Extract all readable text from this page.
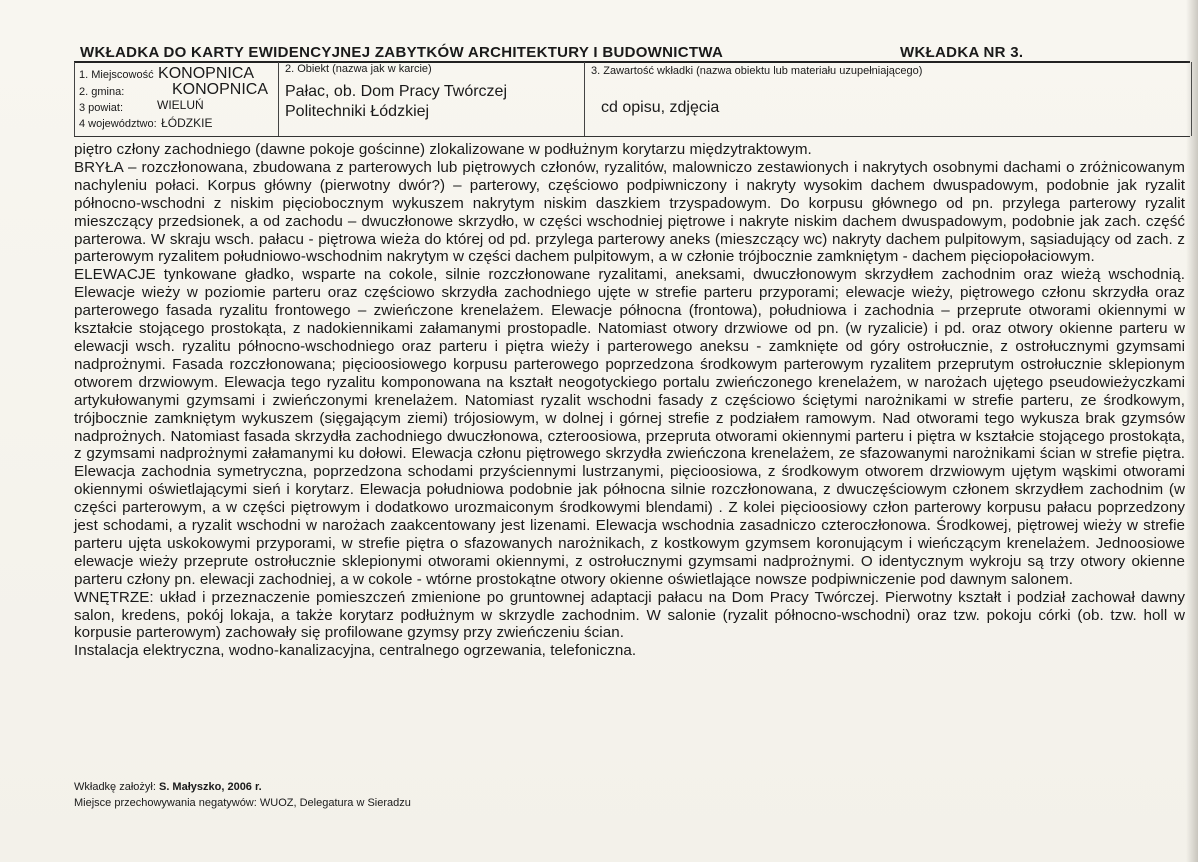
WKŁADKA DO KARTY EWIDENCYJNEJ ZABYTKÓW ARCHITEKTURY I BUDOWNICTWA	WKŁADKA NR 3.
1. Miejscowość KONOPNICA
2. gmina:	KONOPNICA
3 powiat:	WIELUŃ
4 województwo: ŁÓDZKIE
2. Obiekt (nazwa jak w karcie)
Pałac, ob. Dom Pracy Twórczej
Politechniki Łódzkiej
3. Zawartość wkładki (nazwa obiektu lub materiału uzupełniającego)
cd opisu, zdjęcia

piętro człony zachodniego (dawne pokoje gościnne) zlokalizowane w podłużnym korytarzu międzytraktowym.

BRYŁA – rozczłonowana, zbudowana z parterowych lub piętrowych członów, ryzalitów, malowniczo zestawionych i nakrytych osobnymi dachami o zróżnicowanym nachyleniu połaci. Korpus główny (pierwotny dwór?) – parterowy, częściowo podpiwniczony i nakryty wysokim dachem dwuspadowym, podobnie jak ryzalit północno-wschodni z niskim pięciobocznym wykuszem nakrytym niskim daszkiem trzyspadowym. Do korpusu głównego od pn. przylega parterowy ryzalit mieszczący przedsionek, a od zachodu – dwuczłonowe skrzydło, w części wschodniej piętrowe i nakryte niskim dachem dwuspadowym, podobnie jak zach. część parterowa. W skraju wsch. pałacu - piętrowa wieża do której od pd. przylega parterowy aneks (mieszczący wc) nakryty dachem pulpitowym, sąsiadujący od zach. z parterowym ryzalitem południowo-wschodnim nakrytym w części dachem pulpitowym, a w członie trójbocznie zamkniętym - dachem pięciopołaciowym.

ELEWACJE tynkowane gładko, wsparte na cokole, silnie rozczłonowane ryzalitami, aneksami, dwuczłonowym skrzydłem zachodnim oraz wieżą wschodnią. Elewacje wieży w poziomie parteru oraz częściowo skrzydła zachodniego ujęte w strefie parteru przyporami; elewacje wieży, piętrowego członu skrzydła oraz parterowego fasada ryzalitu frontowego – zwieńczone krenelażem. Elewacje północna (frontowa), południowa i zachodnia – przeprute otworami okiennymi w kształcie stojącego prostokąta, z nadokiennikami załamanymi prostopadle. Natomiast otwory drzwiowe od pn. (w ryzalicie) i pd. oraz otwory okienne parteru w elewacji wsch. ryzalitu północno-wschodniego oraz parteru i piętra wieży i parterowego aneksu - zamknięte od góry ostrołucznie, z ostrołucznymi gzymsami nadprożnymi. Fasada rozczłonowana; pięcioosiowego korpusu parterowego poprzedzona środkowym parterowym ryzalitem przeprutym ostrołucznie sklepionym otworem drzwiowym. Elewacja tego ryzalitu komponowana na kształt neogotyckiego portalu zwieńczonego krenelażem, w narożach ujętego pseudowieżyczkami artykułowanymi gzymsami i zwieńczonymi krenelażem. Natomiast ryzalit wschodni fasady z częściowo ściętymi narożnikami w strefie parteru, ze środkowym, trójbocznie zamkniętym wykuszem (sięgającym ziemi) trójosiowym, w dolnej i górnej strefie z podziałem ramowym. Nad otworami tego wykusza brak gzymsów nadprożnych. Natomiast fasada skrzydła zachodniego dwuczłonowa, czteroosiowa, przepruta otworami okiennymi parteru i piętra w kształcie stojącego prostokąta, z gzymsami nadprożnymi załamanymi ku dołowi. Elewacja członu piętrowego skrzydła zwieńczona krenelażem, ze sfazowanymi narożnikami ścian w strefie piętra. Elewacja zachodnia symetryczna, poprzedzona schodami przyściennymi lustrzanymi, pięcioosiowa, z środkowym otworem drzwiowym ujętym wąskimi otworami okiennymi oświetlającymi sień i korytarz. Elewacja południowa podobnie jak północna silnie rozczłonowana, z dwuczęściowym członem skrzydłem zachodnim (w części parterowym, a w części piętrowym i dodatkowo urozmaiconym środkowymi blendami) . Z kolei pięcioosiowy człon parterowy korpusu pałacu poprzedzony jest schodami, a ryzalit wschodni w narożach zaakcentowany jest lizenami. Elewacja wschodnia zasadniczo czteroczłonowa. Środkowej, piętrowej wieży w strefie parteru ujęta uskokowymi przyporami, w strefie piętra o sfazowanych narożnikach, z kostkowym gzymsem koronującym i wieńczącym krenelażem. Jednoosiowe elewacje wieży przeprute ostrołucznie sklepionymi otworami okiennymi, z ostrołucznymi gzymsami nadprożnymi. O identycznym wykroju są trzy otwory okienne parteru człony pn. elewacji zachodniej, a w cokole - wtórne prostokątne otwory okienne oświetlające nowsze podpiwniczenie pod dawnym salonem.

WNĘTRZE: układ i przeznaczenie pomieszczeń zmienione po gruntownej adaptacji pałacu na Dom Pracy Twórczej. Pierwotny kształt i podział zachował dawny salon, kredens, pokój lokaja, a także korytarz podłużnym w skrzydle zachodnim. W salonie (ryzalit północno-wschodni) oraz tzw. pokoju córki (ob. tzw. holl w korpusie parterowym) zachowały się profilowane gzymsy przy zwieńczeniu ścian.

Instalacja elektryczna, wodno-kanalizacyjna, centralnego ogrzewania, telefoniczna.

Wkładkę założył: S. Małyszko, 2006 r.
Miejsce przechowywania negatywów: WUOZ, Delegatura w Sieradzu
